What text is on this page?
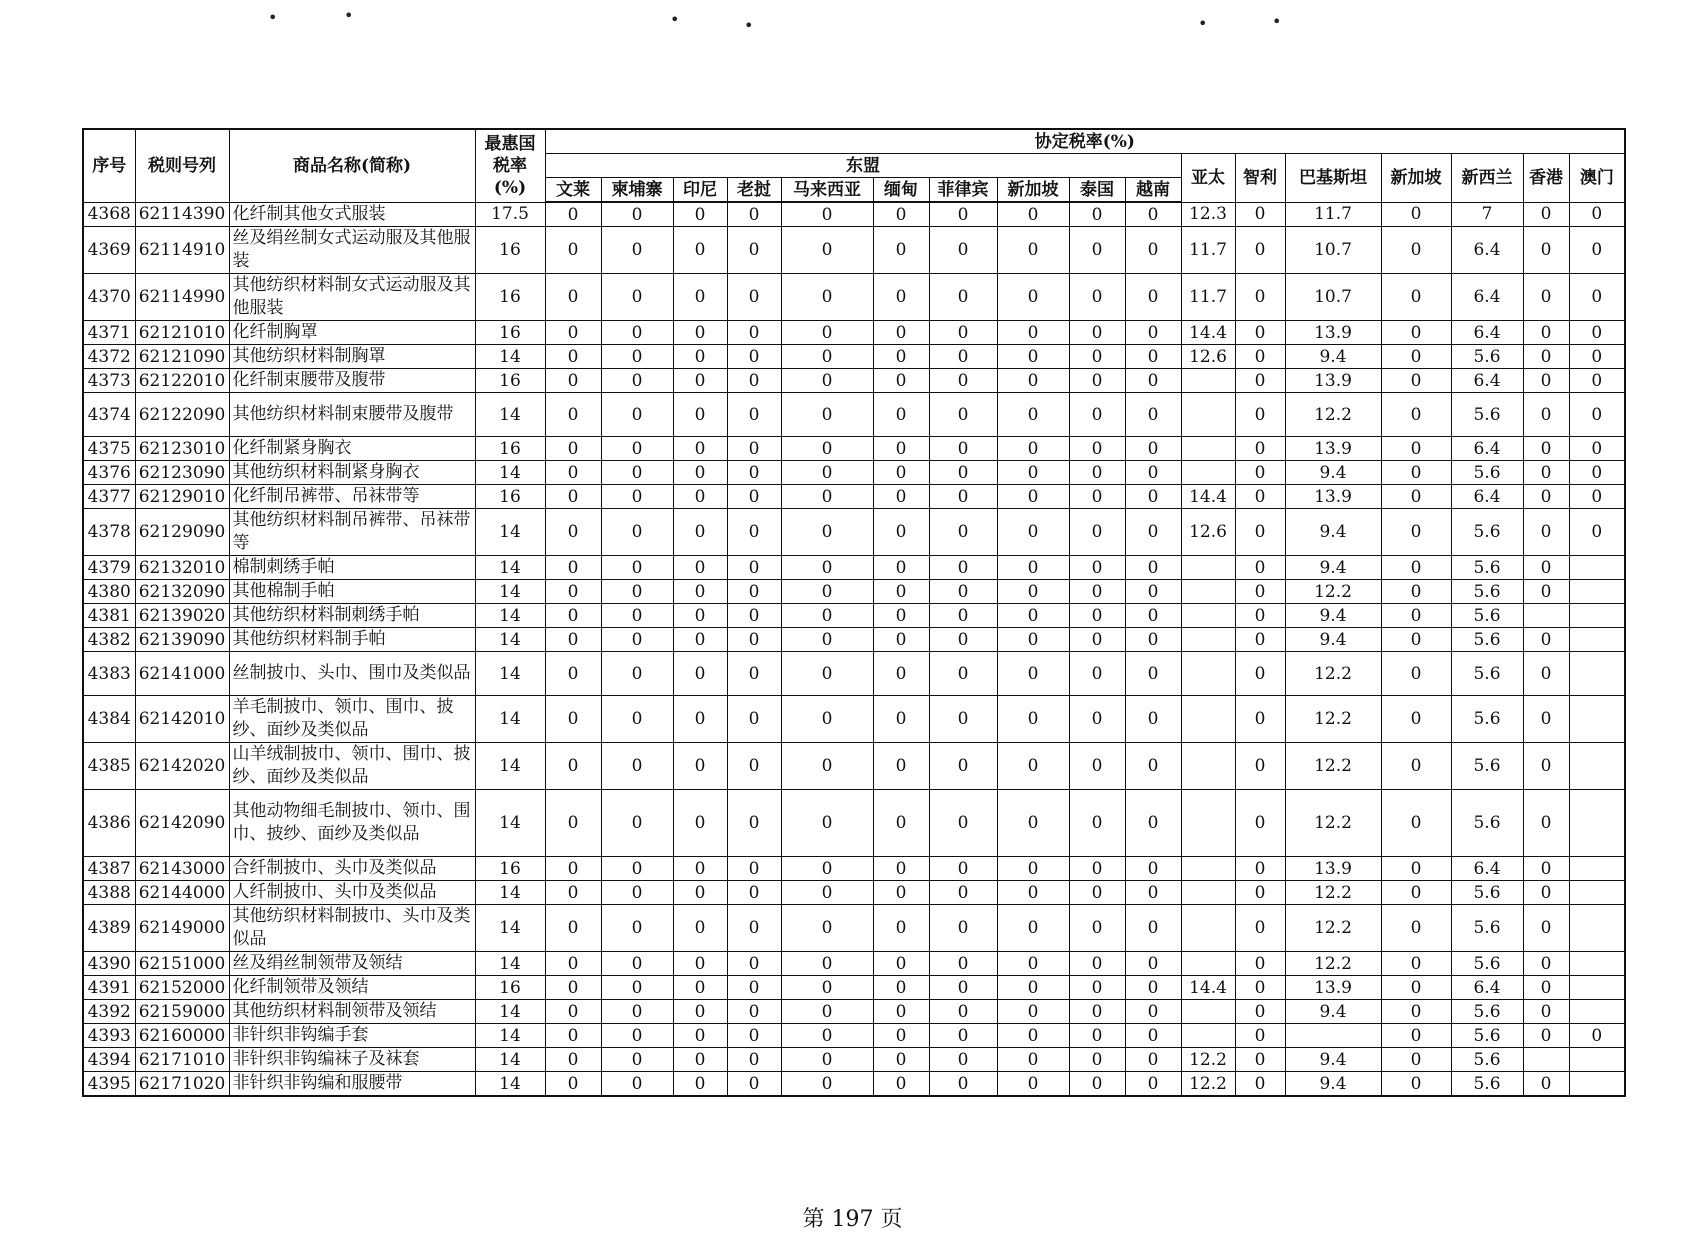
•	•	•	•	•	•
序号	税则号列	商品名称(简称)	最惠国税率(%)	协定税率(%)																
				东盟										亚太	智利	巴基斯坦	新加坡	新西兰	香港	澳门
				文莱	柬埔寨	印尼	老挝	马来西亚	缅甸	菲律宾	新加坡	泰国	越南							
4368	62114390	化纤制其他女式服装	17.5	0	0	0	0	0	0	0	0	0	0	12.3	0	11.7	0	7	0	0
4369	62114910	丝及绢丝制女式运动服及其他服装	16	0	0	0	0	0	0	0	0	0	0	11.7	0	10.7	0	6.4	0	0
4370	62114990	其他纺织材料制女式运动服及其他服装	16	0	0	0	0	0	0	0	0	0	0	11.7	0	10.7	0	6.4	0	0
4371	62121010	化纤制胸罩	16	0	0	0	0	0	0	0	0	0	0	14.4	0	13.9	0	6.4	0	0
4372	62121090	其他纺织材料制胸罩	14	0	0	0	0	0	0	0	0	0	0	12.6	0	9.4	0	5.6	0	0
4373	62122010	化纤制束腰带及腹带	16	0	0	0	0	0	0	0	0	0	0		0	13.9	0	6.4	0	0
4374	62122090	其他纺织材料制束腰带及腹带	14	0	0	0	0	0	0	0	0	0	0		0	12.2	0	5.6	0	0
4375	62123010	化纤制紧身胸衣	16	0	0	0	0	0	0	0	0	0	0		0	13.9	0	6.4	0	0
4376	62123090	其他纺织材料制紧身胸衣	14	0	0	0	0	0	0	0	0	0	0		0	9.4	0	5.6	0	0
4377	62129010	化纤制吊裤带、吊袜带等	16	0	0	0	0	0	0	0	0	0	0	14.4	0	13.9	0	6.4	0	0
4378	62129090	其他纺织材料制吊裤带、吊袜带等	14	0	0	0	0	0	0	0	0	0	0	12.6	0	9.4	0	5.6	0	0
4379	62132010	棉制刺绣手帕	14	0	0	0	0	0	0	0	0	0	0		0	9.4	0	5.6	0	
4380	62132090	其他棉制手帕	14	0	0	0	0	0	0	0	0	0	0		0	12.2	0	5.6	0	
4381	62139020	其他纺织材料制刺绣手帕	14	0	0	0	0	0	0	0	0	0	0		0	9.4	0	5.6		
4382	62139090	其他纺织材料制手帕	14	0	0	0	0	0	0	0	0	0	0		0	9.4	0	5.6	0	
4383	62141000	丝制披巾、头巾、围巾及类似品	14	0	0	0	0	0	0	0	0	0	0		0	12.2	0	5.6	0	
4384	62142010	羊毛制披巾、领巾、围巾、披纱、面纱及类似品	14	0	0	0	0	0	0	0	0	0	0		0	12.2	0	5.6	0	
4385	62142020	山羊绒制披巾、领巾、围巾、披纱、面纱及类似品	14	0	0	0	0	0	0	0	0	0	0		0	12.2	0	5.6	0	
4386	62142090	其他动物细毛制披巾、领巾、围巾、披纱、面纱及类似品	14	0	0	0	0	0	0	0	0	0	0		0	12.2	0	5.6	0	
4387	62143000	合纤制披巾、头巾及类似品	16	0	0	0	0	0	0	0	0	0	0		0	13.9	0	6.4	0	
4388	62144000	人纤制披巾、头巾及类似品	14	0	0	0	0	0	0	0	0	0	0		0	12.2	0	5.6	0	
4389	62149000	其他纺织材料制披巾、头巾及类似品	14	0	0	0	0	0	0	0	0	0	0		0	12.2	0	5.6	0	
4390	62151000	丝及绢丝制领带及领结	14	0	0	0	0	0	0	0	0	0	0		0	12.2	0	5.6	0	
4391	62152000	化纤制领带及领结	16	0	0	0	0	0	0	0	0	0	0	14.4	0	13.9	0	6.4	0	
4392	62159000	其他纺织材料制领带及领结	14	0	0	0	0	0	0	0	0	0	0		0	9.4	0	5.6	0	
4393	62160000	非针织非钩编手套	14	0	0	0	0	0	0	0	0	0	0		0		0	5.6	0	0
4394	62171010	非针织非钩编袜子及袜套	14	0	0	0	0	0	0	0	0	0	0	12.2	0	9.4	0	5.6		
4395	62171020	非针织非钩编和服腰带	14	0	0	0	0	0	0	0	0	0	0	12.2	0	9.4	0	5.6	0	
第 197 页
